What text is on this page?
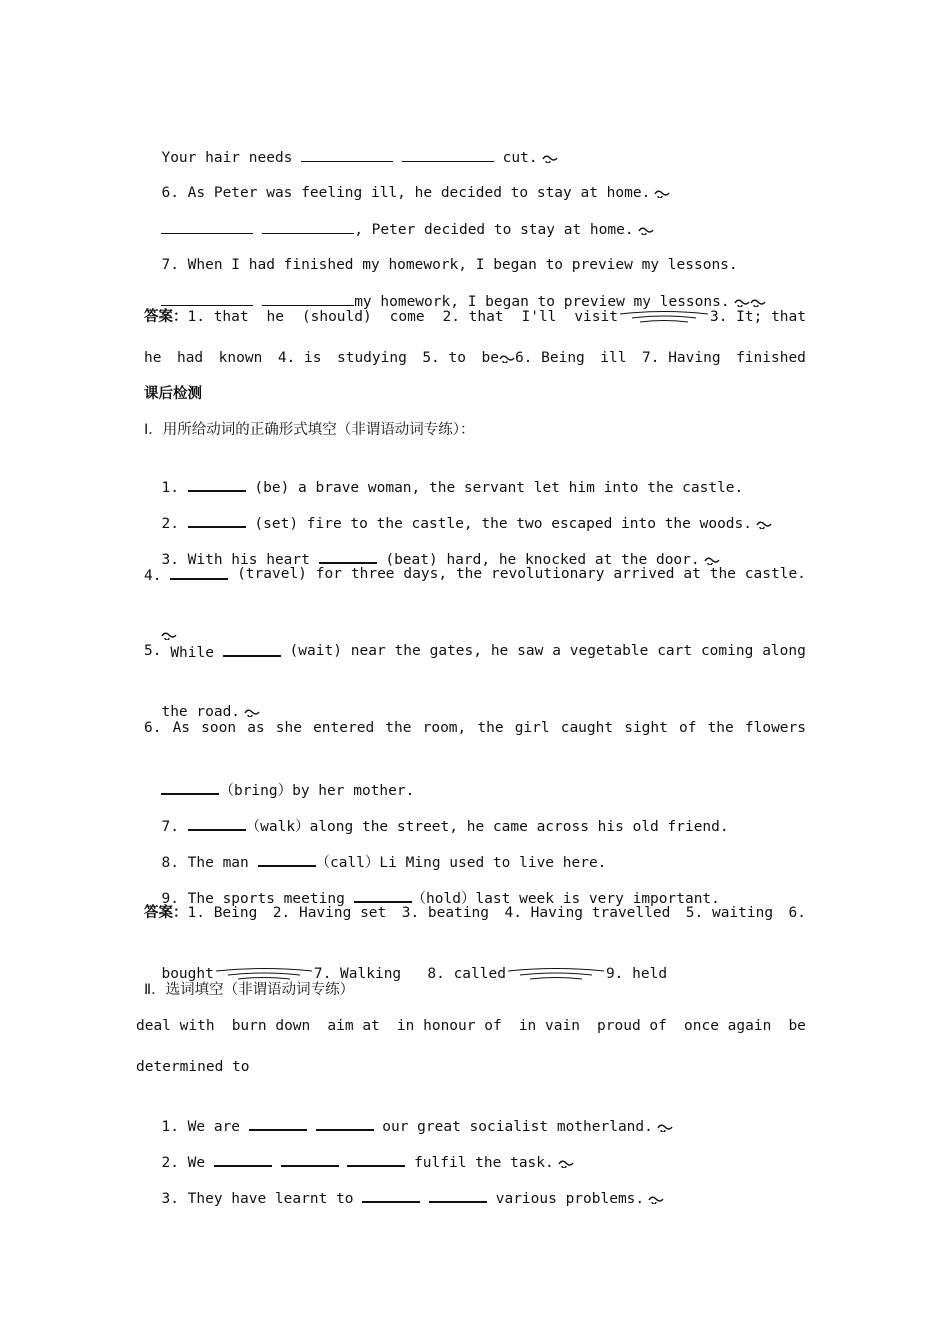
Your hair needs	cut.

6. As Peter was feeling ill, he decided to stay at home.

, Peter decided to stay at home.

7. When I had finished my homework, I began to preview my lessons.

my homework, I began to preview my lessons.

答案：1. that he (should) come 2. that I'll visit	3. It; that
he had known 4. is studying 5. to be 6. Being ill 7. Having finished
课后检测
Ⅰ．用所给动词的正确形式填空（非谓语动词专练）：

1.	(be) a brave woman, the servant let him into the castle.

2.	(set) fire to the castle, the two escaped into the woods.

3. With his heart	(beat) hard, he knocked at the door.

4.	(travel) for three days, the revolutionary arrived at the castle.

5. While	(wait) near the gates, he saw a vegetable cart coming along

the road.

6. As soon as she entered the room, the girl caught sight of the flowers

（bring）by her mother.

7.	（walk）along the street, he came across his old friend.

8. The man	（call）Li Ming used to live here.

9. The sports meeting	（hold）last week is very important.

答案：1. Being 2. Having set 3. beating 4. Having travelled 5. waiting 6.

bought	7. Walking 8. called	9. held

Ⅱ．选词填空（非谓语动词专练）
deal with burn down aim at in honour of in vain proud of once again be
determined to

1. We are	our great socialist motherland.

2. We	fulfil the task.

3. They have learnt to	various problems.
